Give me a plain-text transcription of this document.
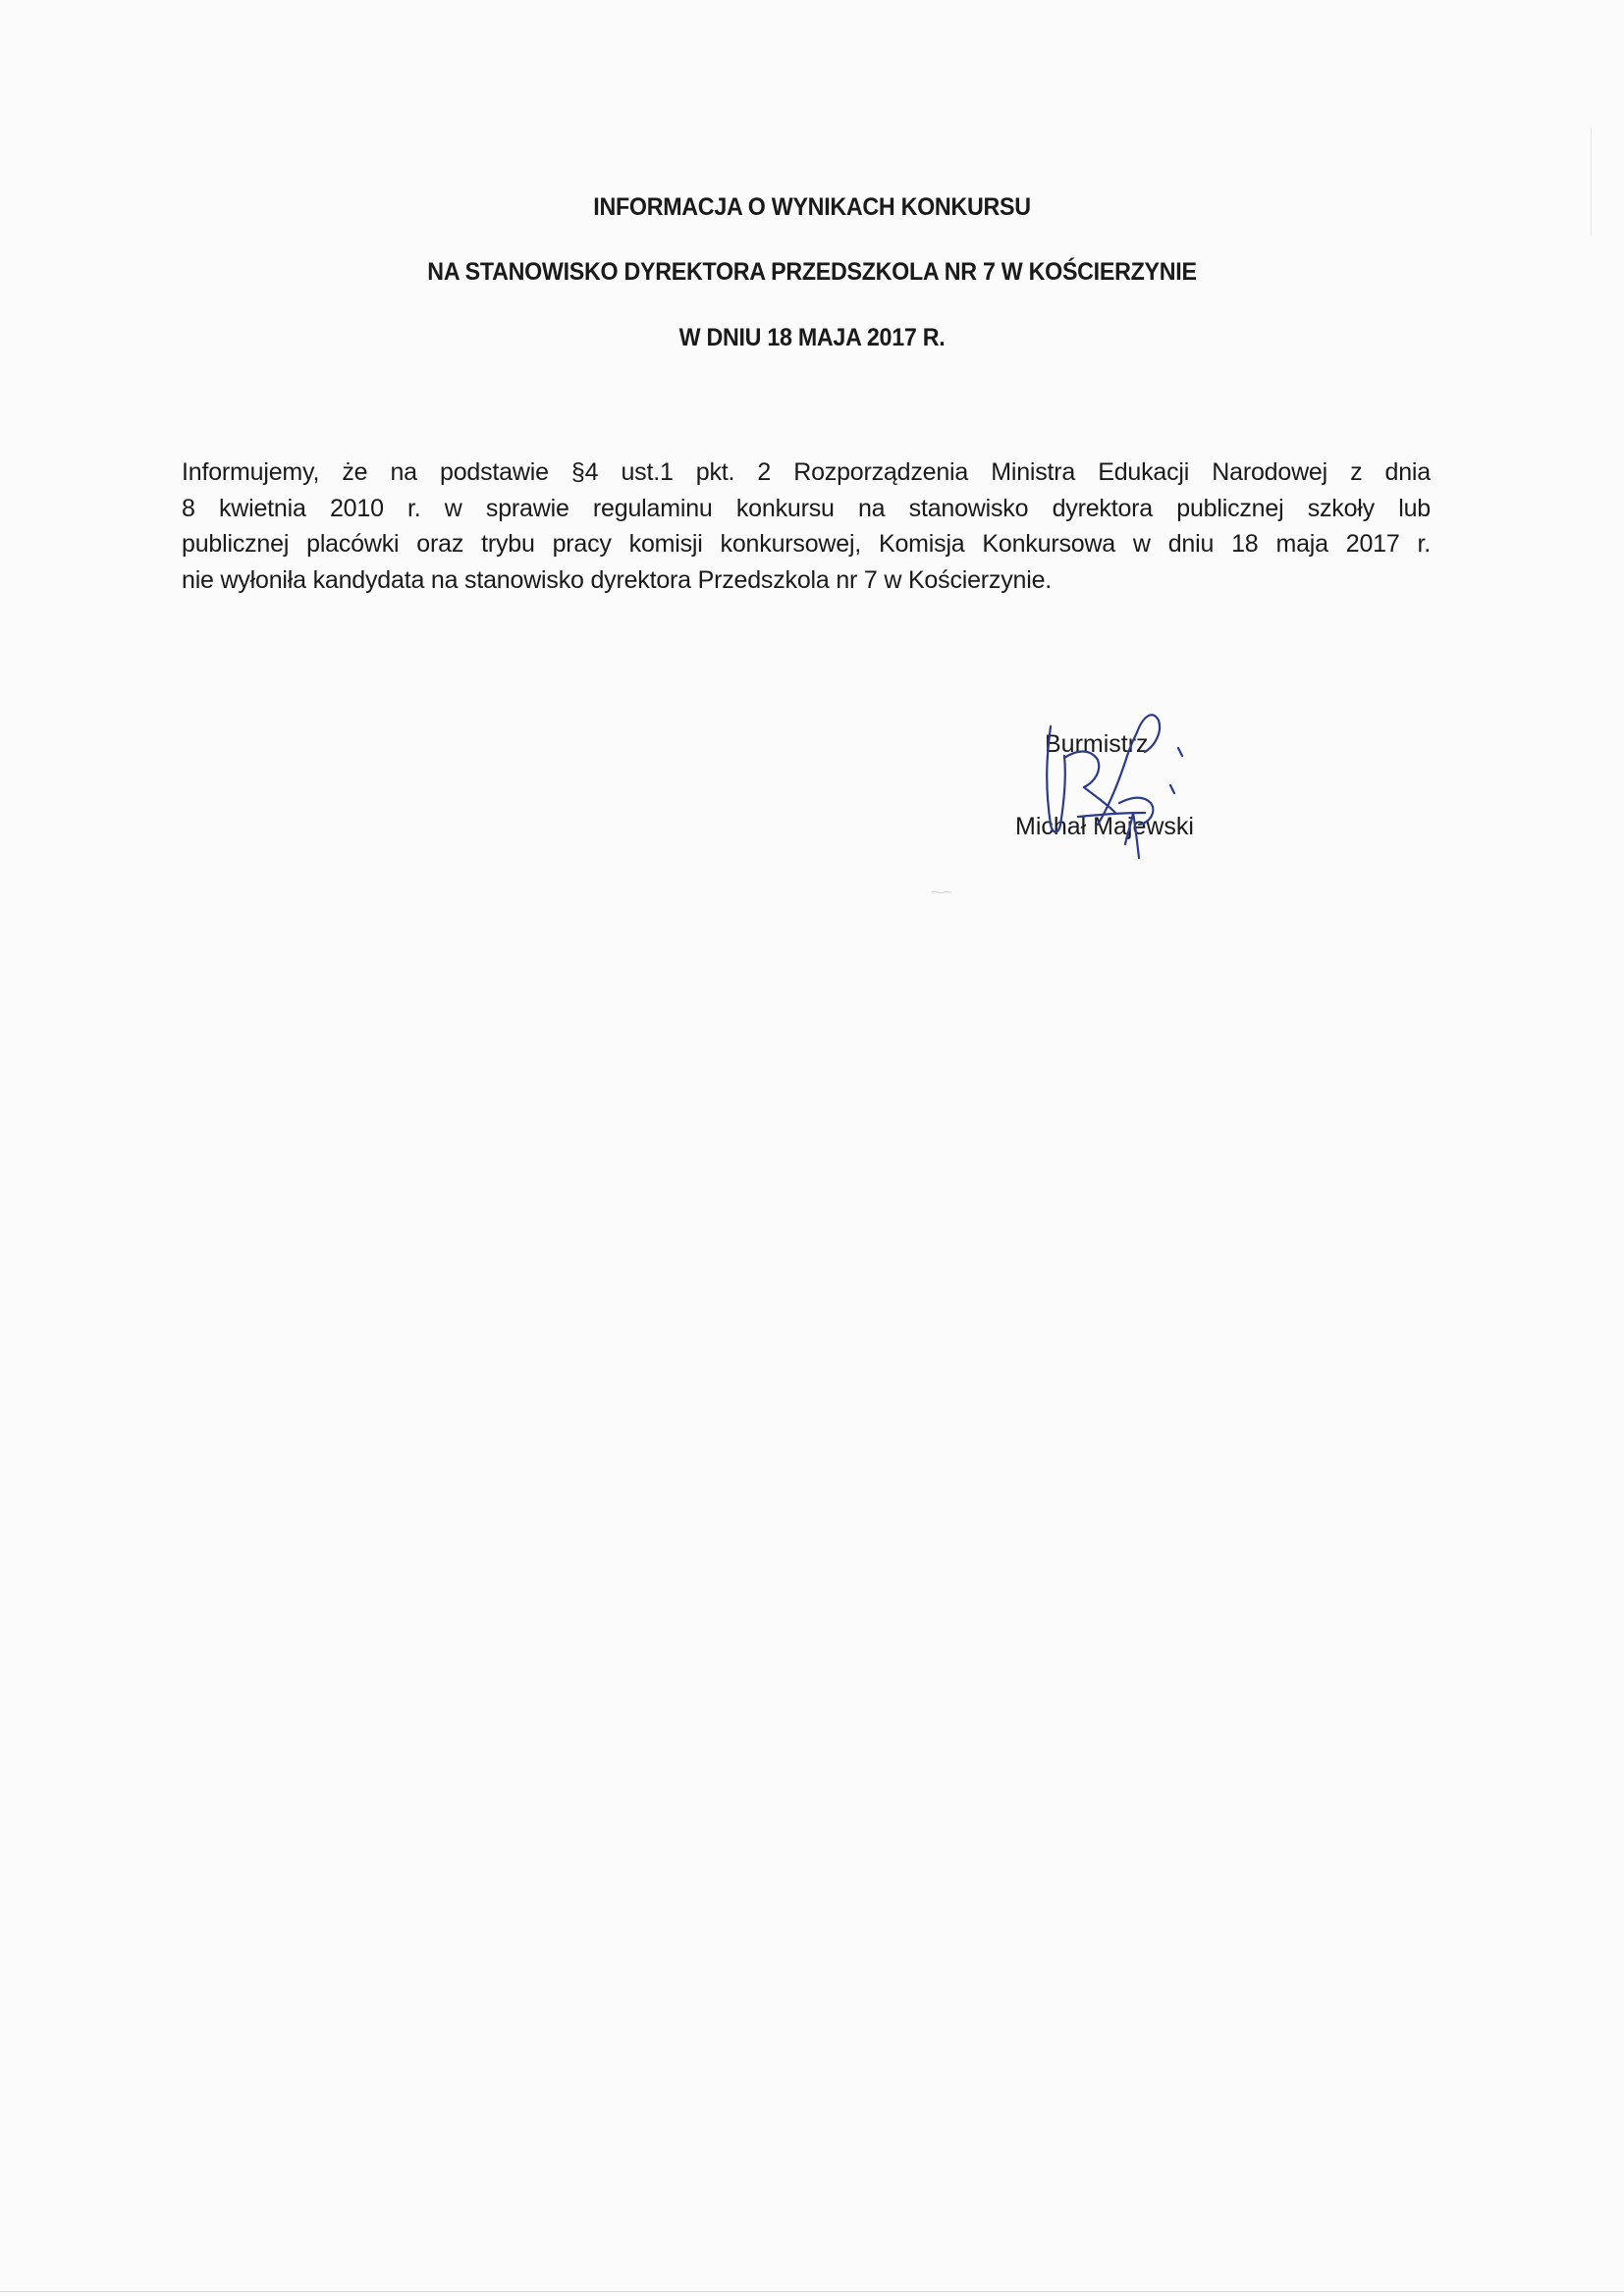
INFORMACJA O WYNIKACH KONKURSU
NA STANOWISKO DYREKTORA PRZEDSZKOLA NR 7 W KOŚCIERZYNIE
W DNIU 18 MAJA 2017 R.
Informujemy, że na podstawie §4 ust.1 pkt. 2 Rozporządzenia Ministra Edukacji Narodowej z dnia
8 kwietnia 2010 r. w sprawie regulaminu konkursu na stanowisko dyrektora publicznej szkoły lub
publicznej placówki oraz trybu pracy komisji konkursowej, Komisja Konkursowa w dniu 18 maja 2017 r.
nie wyłoniła kandydata na stanowisko dyrektora Przedszkola nr 7 w Kościerzynie.
Burmistrz
Michał Majewski
